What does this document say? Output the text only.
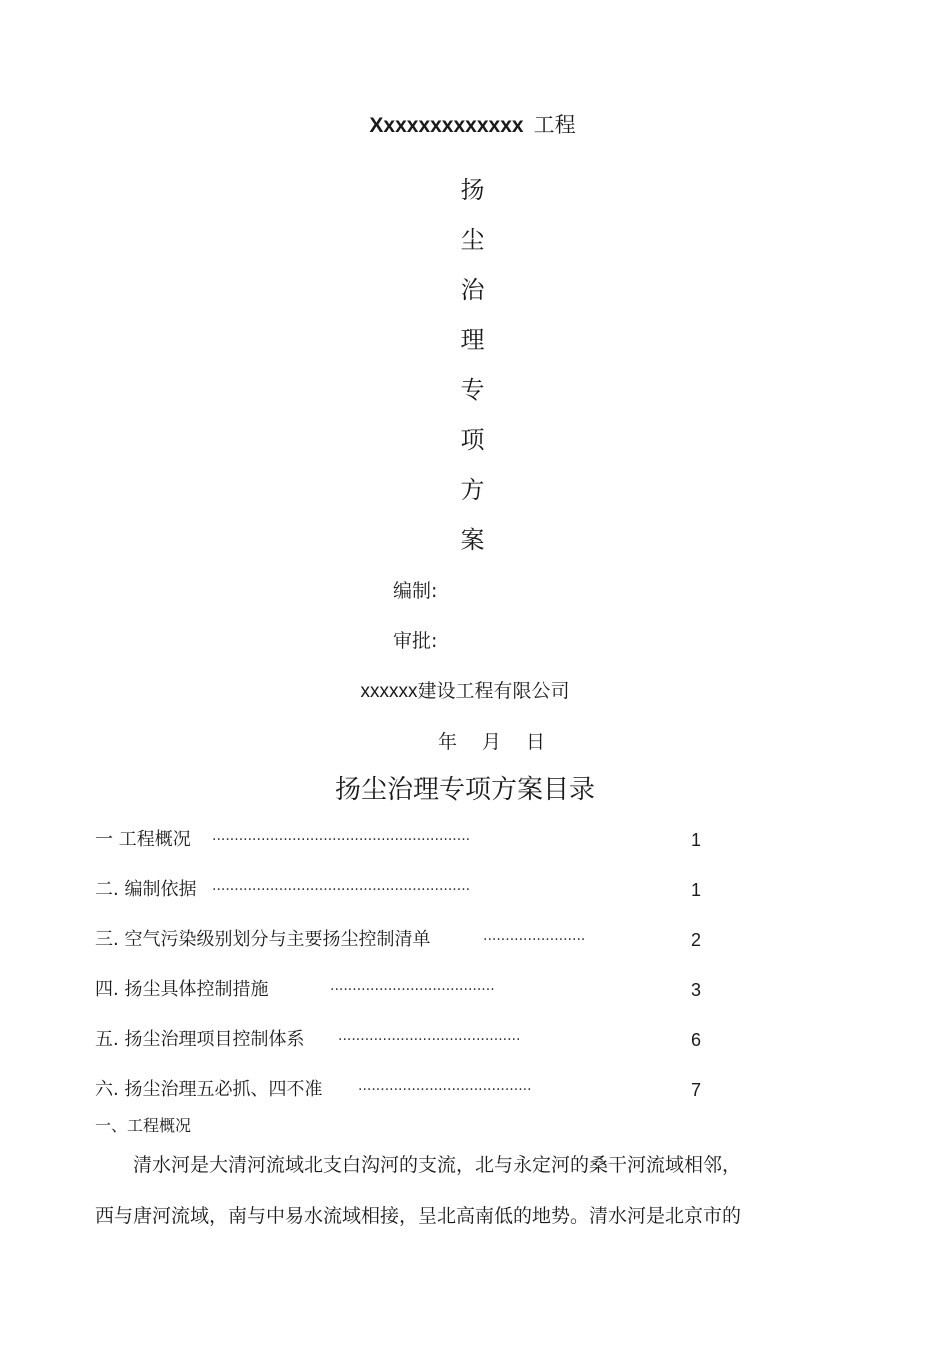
Xxxxxxxxxxxxx 工程
扬
尘
治
理
专
项
方
案
编制:
审批:
xxxxxx建设工程有限公司
年 月 日
扬尘治理专项方案目录
一 工程概况 ··························································	1
二. 编制依据 ··························································	1
三. 空气污染级别划分与主要扬尘控制清单	·······················	2
四. 扬尘具体控制措施	·····································	3
五. 扬尘治理项目控制体系 ·········································	6
六. 扬尘治理五必抓、四不准	·······································	7
一、工程概况
清水河是大清河流域北支白沟河的支流，北与永定河的桑干河流域相邻，
西与唐河流域，南与中易水流域相接，呈北高南低的地势。清水河是北京市的
